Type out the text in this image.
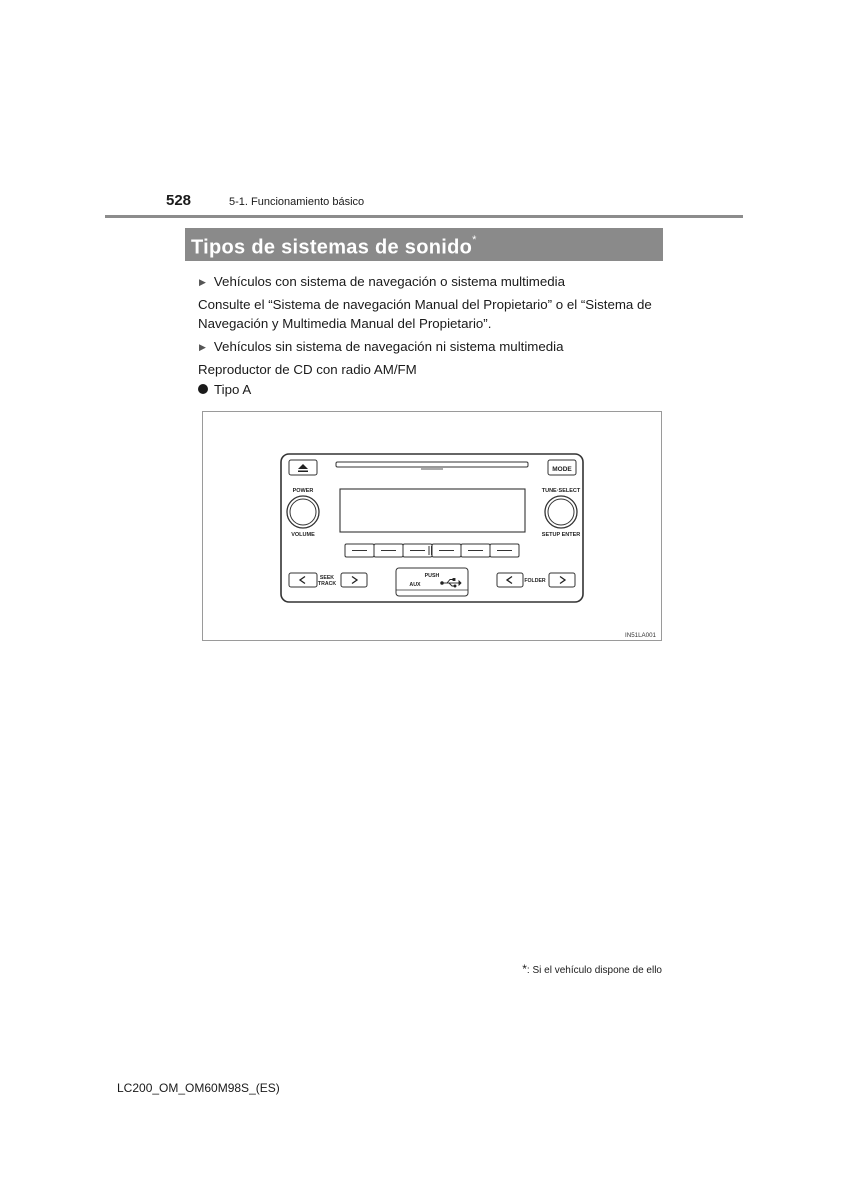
528	5-1. Funcionamiento básico
Tipos de sistemas de sonido*
▶ Vehículos con sistema de navegación o sistema multimedia
Consulte el “Sistema de navegación Manual del Propietario” o el “Sistema de
Navegación y Multimedia Manual del Propietario”.
▶ Vehículos sin sistema de navegación ni sistema multimedia
Reproductor de CD con radio AM/FM
Tipo A
MODE
POWER
VOLUME
TUNE·SELECT
SETUP ENTER
SEEK
TRACK
PUSH
AUX
FOLDER
IN51LA001
*: Si el vehículo dispone de ello
LC200_OM_OM60M98S_(ES)
